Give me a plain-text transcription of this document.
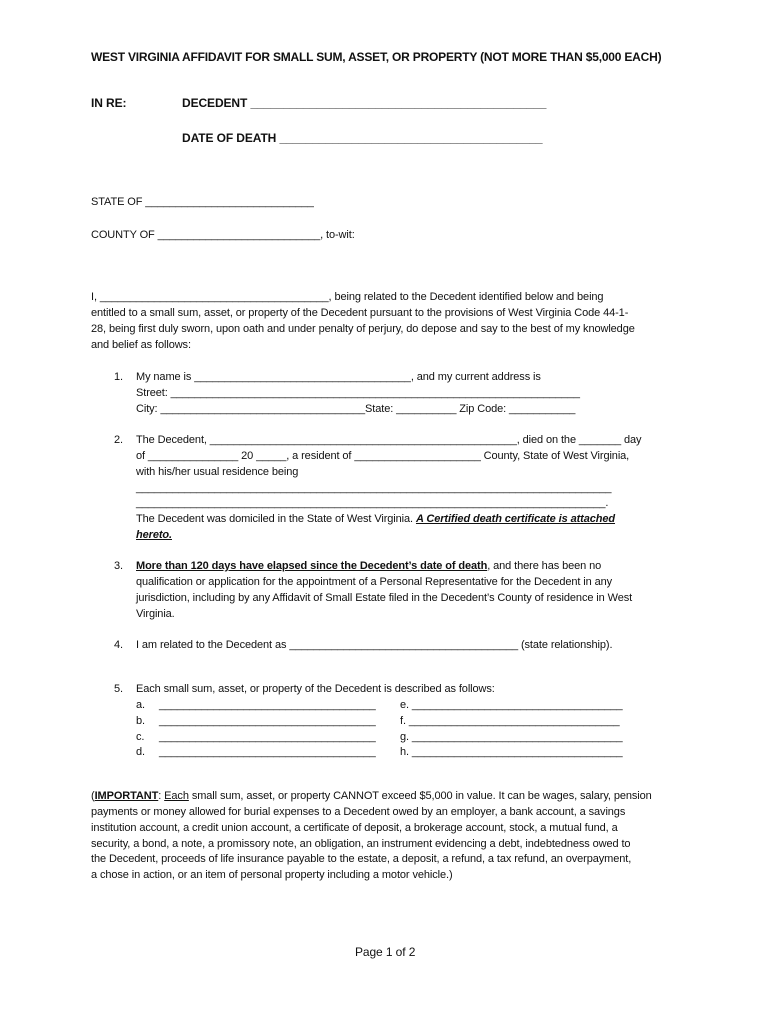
WEST VIRGINIA AFFIDAVIT FOR SMALL SUM, ASSET, OR PROPERTY (NOT MORE THAN $5,000 EACH)
IN RE:	DECEDENT _____________________________________________
DATE OF DEATH ________________________________________
STATE OF ____________________________
COUNTY OF ___________________________, to-wit:
I, ______________________________________, being related to the Decedent identified below and being
entitled to a small sum, asset, or property of the Decedent pursuant to the provisions of West Virginia Code 44-1-
28, being first duly sworn, upon oath and under penalty of perjury, do depose and say to the best of my knowledge
and belief as follows:
1. My name is ____________________________________, and my current address is
Street: ____________________________________________________________________
City: __________________________________State: __________ Zip Code: ___________
2. The Decedent, ___________________________________________________, died on the _______ day
of _______________ 20 _____, a resident of _____________________ County, State of West Virginia,
with his/her usual residence being
_______________________________________________________________________________
______________________________________________________________________________.
The Decedent was domiciled in the State of West Virginia. A Certified death certificate is attached
hereto.
3. More than 120 days have elapsed since the Decedent’s date of death, and there has been no
qualification or application for the appointment of a Personal Representative for the Decedent in any
jurisdiction, including by any Affidavit of Small Estate filed in the Decedent’s County of residence in West
Virginia.
4. I am related to the Decedent as ______________________________________ (state relationship).
5. Each small sum, asset, or property of the Decedent is described as follows:
a. ____________________________________
b. ____________________________________
c. ____________________________________
d. ____________________________________
e. ___________________________________
f. ___________________________________
g. ___________________________________
h. ___________________________________
(IMPORTANT: Each small sum, asset, or property CANNOT exceed $5,000 in value. It can be wages, salary, pension
payments or money allowed for burial expenses to a Decedent owed by an employer, a bank account, a savings
institution account, a credit union account, a certificate of deposit, a brokerage account, stock, a mutual fund, a
security, a bond, a note, a promissory note, an obligation, an instrument evidencing a debt, indebtedness owed to
the Decedent, proceeds of life insurance payable to the estate, a deposit, a refund, a tax refund, an overpayment,
a chose in action, or an item of personal property including a motor vehicle.)
Page 1 of 2
